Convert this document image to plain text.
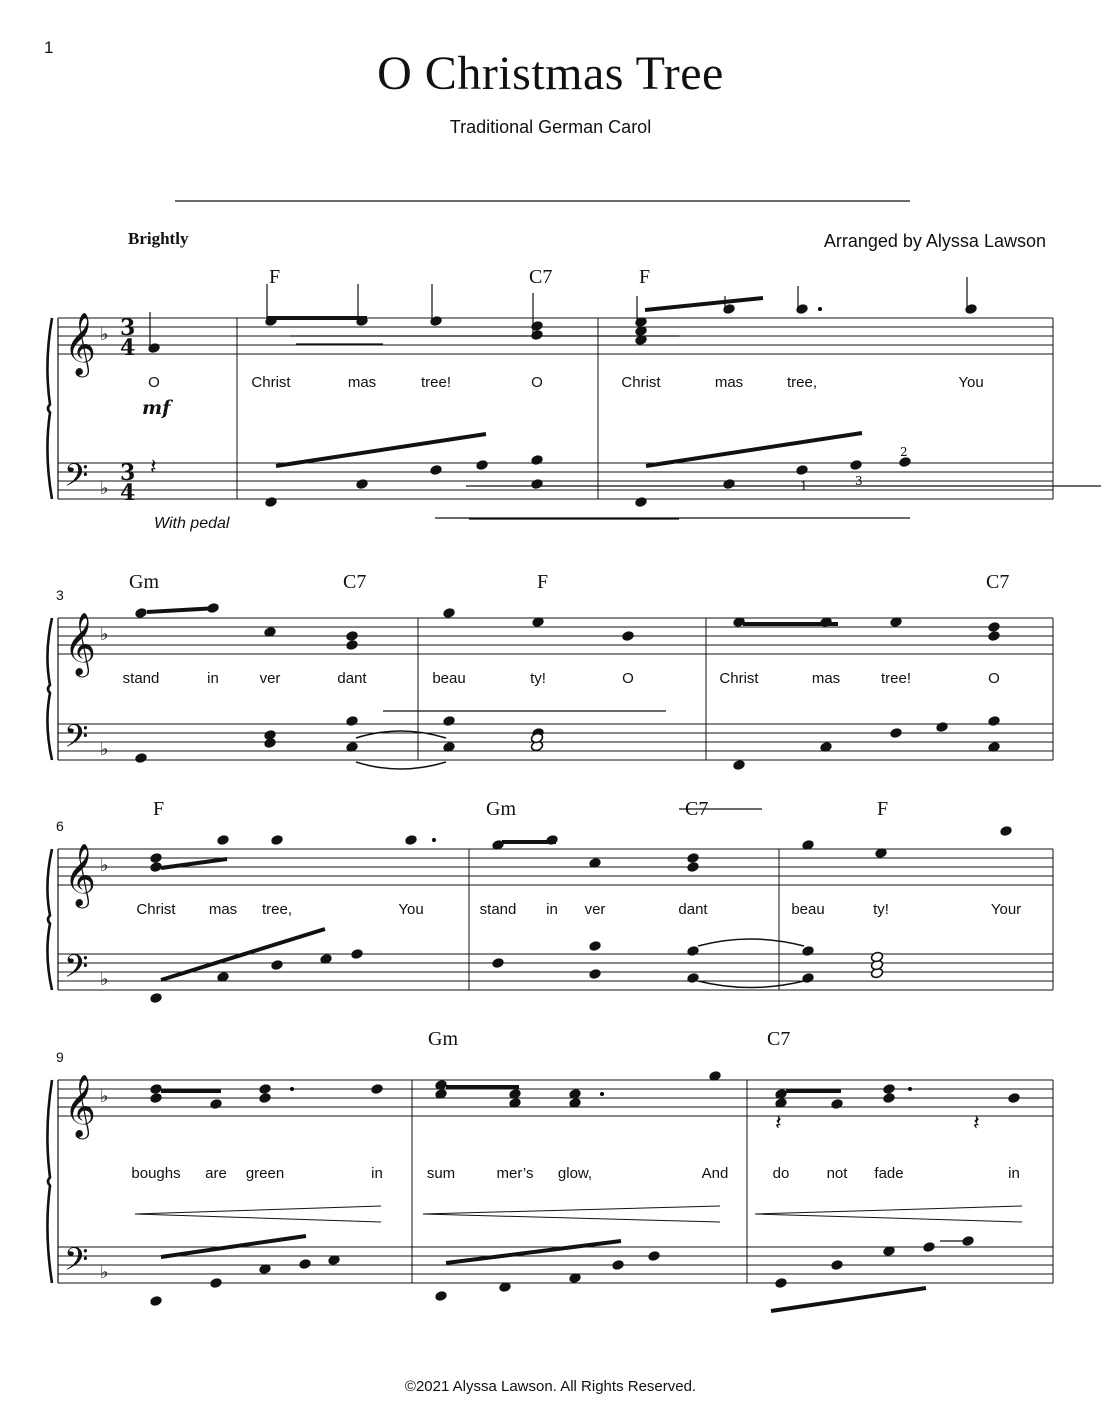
𝄞
𝄢
♭
♭
3
4
3
4
𝄞
𝄢
♭
♭
𝄞
𝄢
♭
♭
𝄞
𝄢
♭
♭
mf
1	3
2
𝄽
𝄽
𝄽
1	O Christmas Tree
Traditional German Carol
Brightly	Arranged by Alyssa Lawson
With pedal
F	C7	F
O	Christ	mas	tree!	O	Christ	mas	tree,	You
3
Gm	C7	F	C7
stand	in	ver	dant	beau	ty!	O	Christ	mas	tree!	O
6
F	Gm	C7	F
Christ mas tree,	You	stand in ver	dant	beau	ty!	Your
9
Gm	C7
boughs are green	in	sum	mer’s glow,	And	do not fade	in
©2021 Alyssa Lawson. All Rights Reserved.
